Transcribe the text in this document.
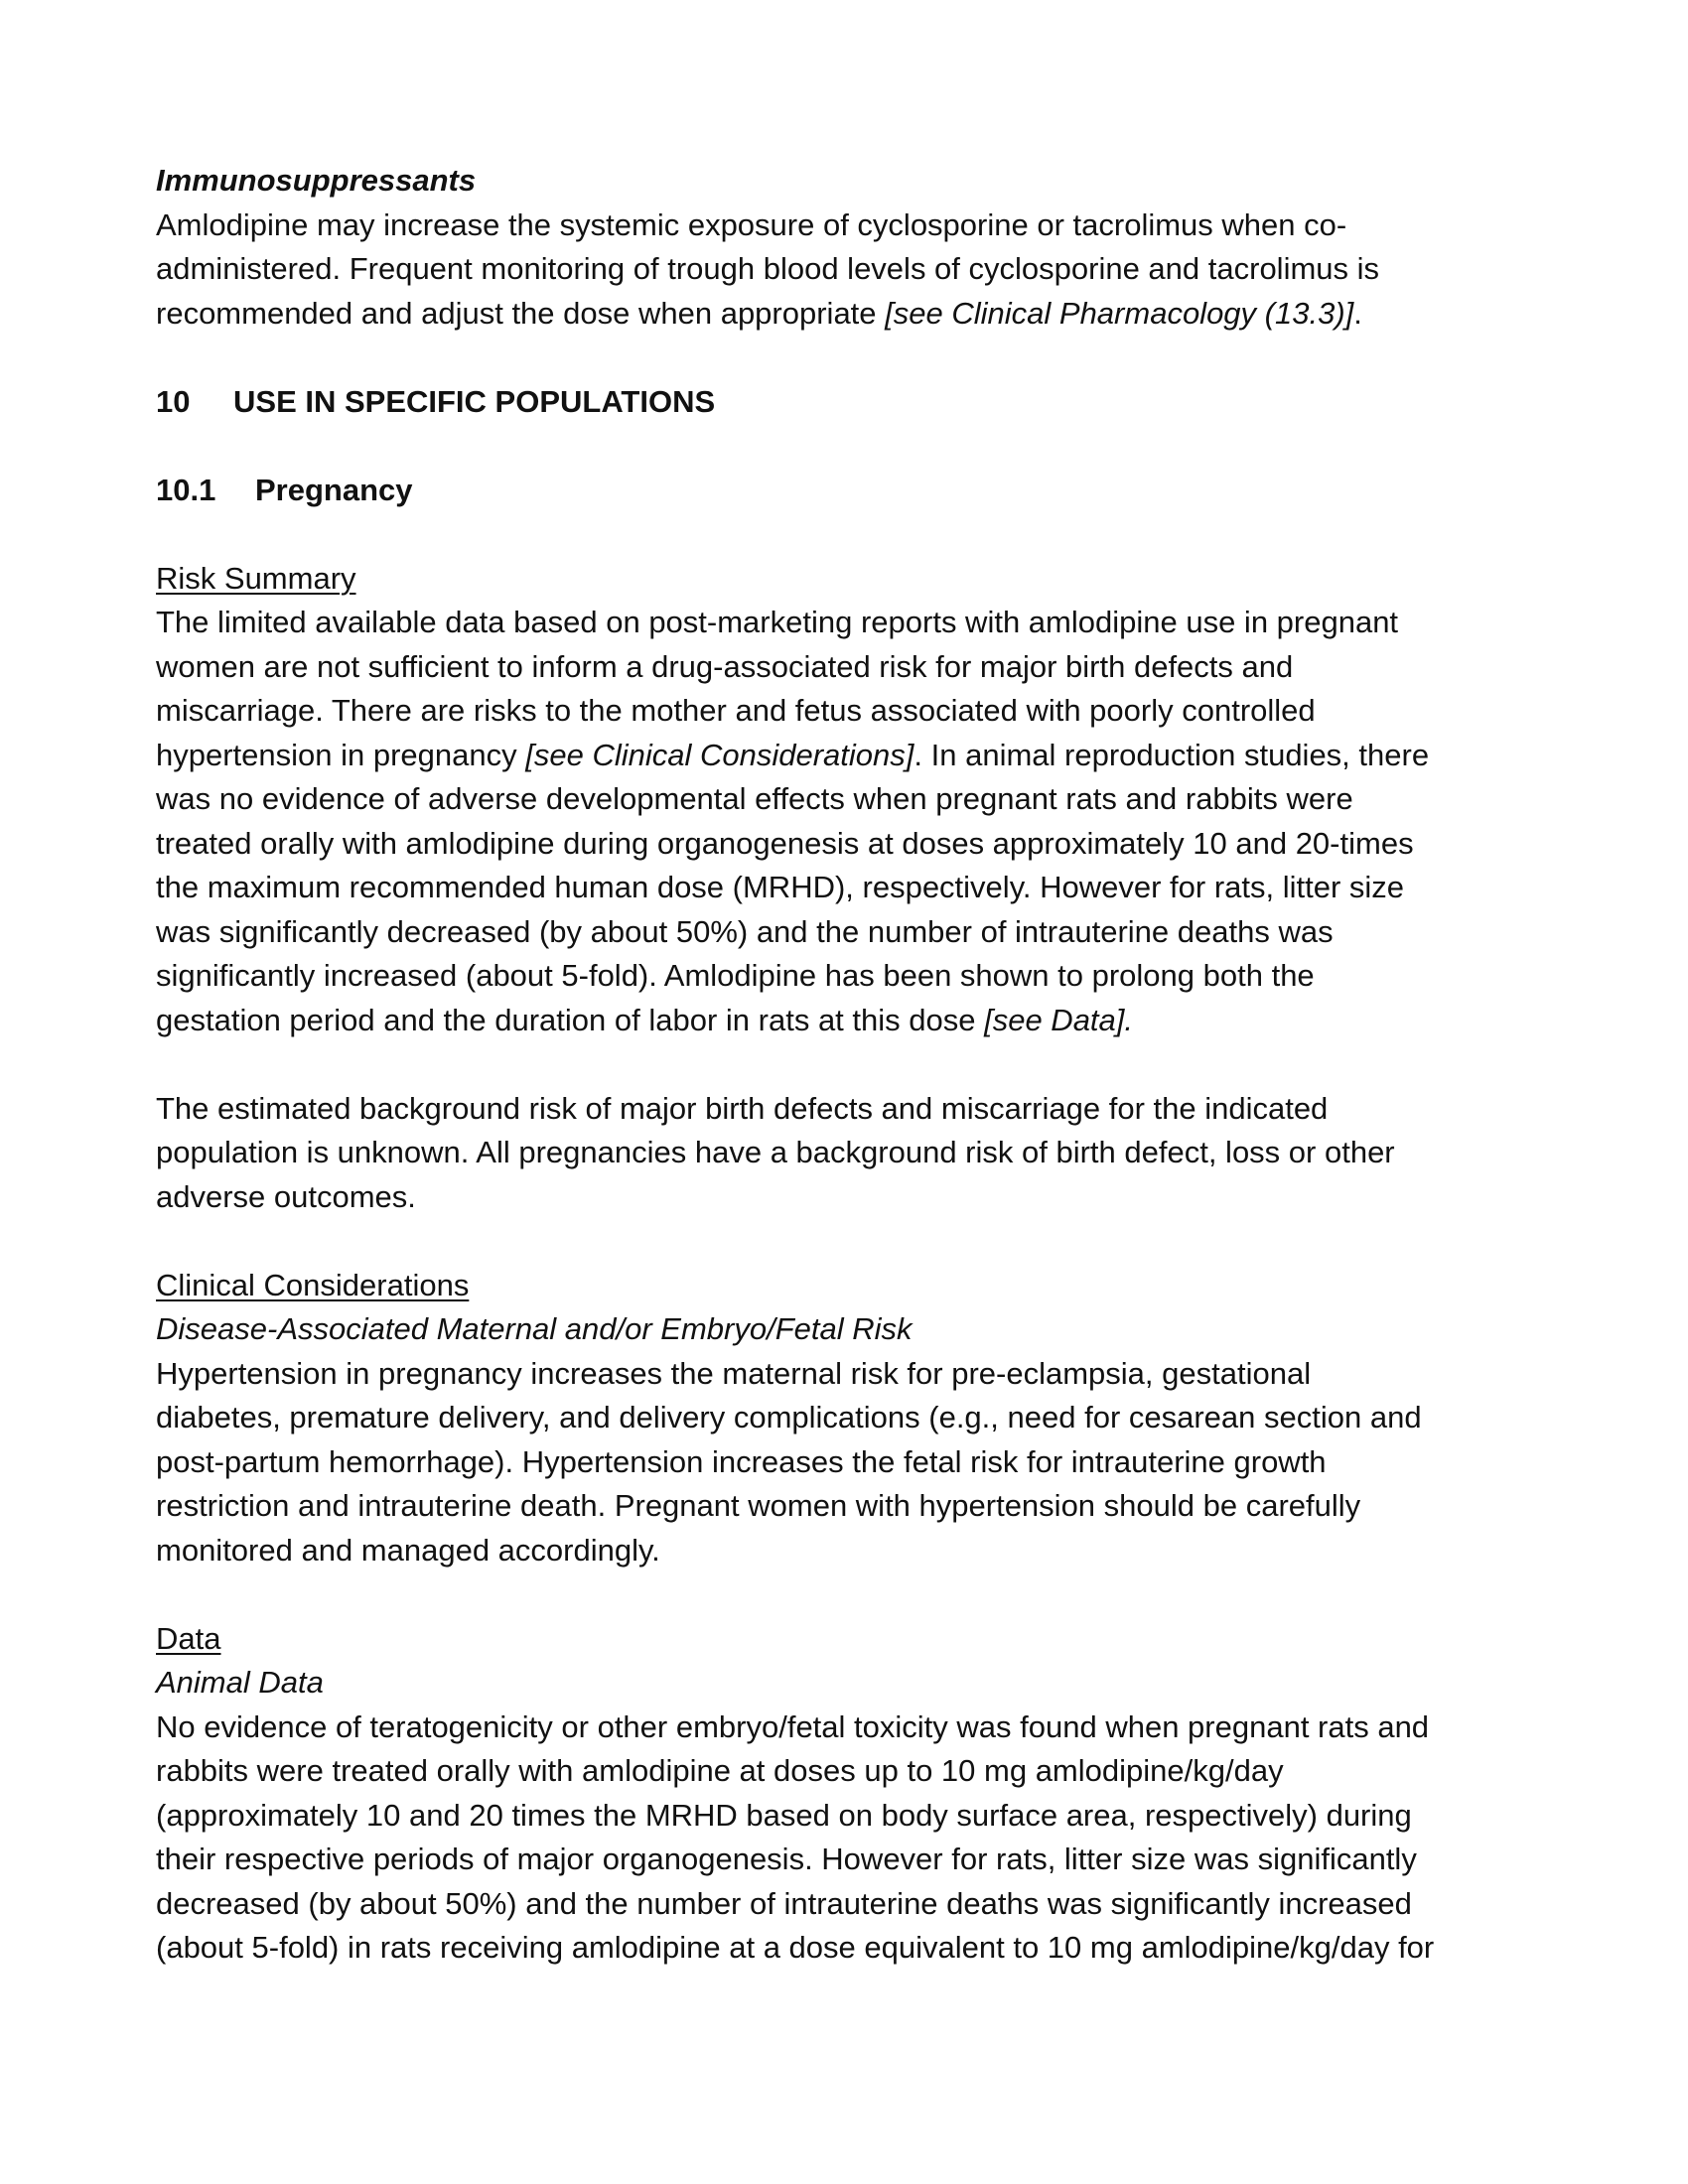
Immunosuppressants

Amlodipine may increase the systemic exposure of cyclosporine or tacrolimus when co-

administered. Frequent monitoring of trough blood levels of cyclosporine and tacrolimus is

recommended and adjust the dose when appropriate [see Clinical Pharmacology (13.3)].

10 USE IN SPECIFIC POPULATIONS

10.1 Pregnancy

Risk Summary

The limited available data based on post-marketing reports with amlodipine use in pregnant

women are not sufficient to inform a drug-associated risk for major birth defects and

miscarriage. There are risks to the mother and fetus associated with poorly controlled

hypertension in pregnancy [see Clinical Considerations]. In animal reproduction studies, there

was no evidence of adverse developmental effects when pregnant rats and rabbits were

treated orally with amlodipine during organogenesis at doses approximately 10 and 20-times

the maximum recommended human dose (MRHD), respectively. However for rats, litter size

was significantly decreased (by about 50%) and the number of intrauterine deaths was

significantly increased (about 5-fold). Amlodipine has been shown to prolong both the

gestation period and the duration of labor in rats at this dose [see Data].

The estimated background risk of major birth defects and miscarriage for the indicated

population is unknown. All pregnancies have a background risk of birth defect, loss or other

adverse outcomes.

Clinical Considerations

Disease-Associated Maternal and/or Embryo/Fetal Risk

Hypertension in pregnancy increases the maternal risk for pre-eclampsia, gestational

diabetes, premature delivery, and delivery complications (e.g., need for cesarean section and

post-partum hemorrhage). Hypertension increases the fetal risk for intrauterine growth

restriction and intrauterine death. Pregnant women with hypertension should be carefully

monitored and managed accordingly.

Data

Animal Data

No evidence of teratogenicity or other embryo/fetal toxicity was found when pregnant rats and

rabbits were treated orally with amlodipine at doses up to 10 mg amlodipine/kg/day

(approximately 10 and 20 times the MRHD based on body surface area, respectively) during

their respective periods of major organogenesis. However for rats, litter size was significantly

decreased (by about 50%) and the number of intrauterine deaths was significantly increased

(about 5-fold) in rats receiving amlodipine at a dose equivalent to 10 mg amlodipine/kg/day for
